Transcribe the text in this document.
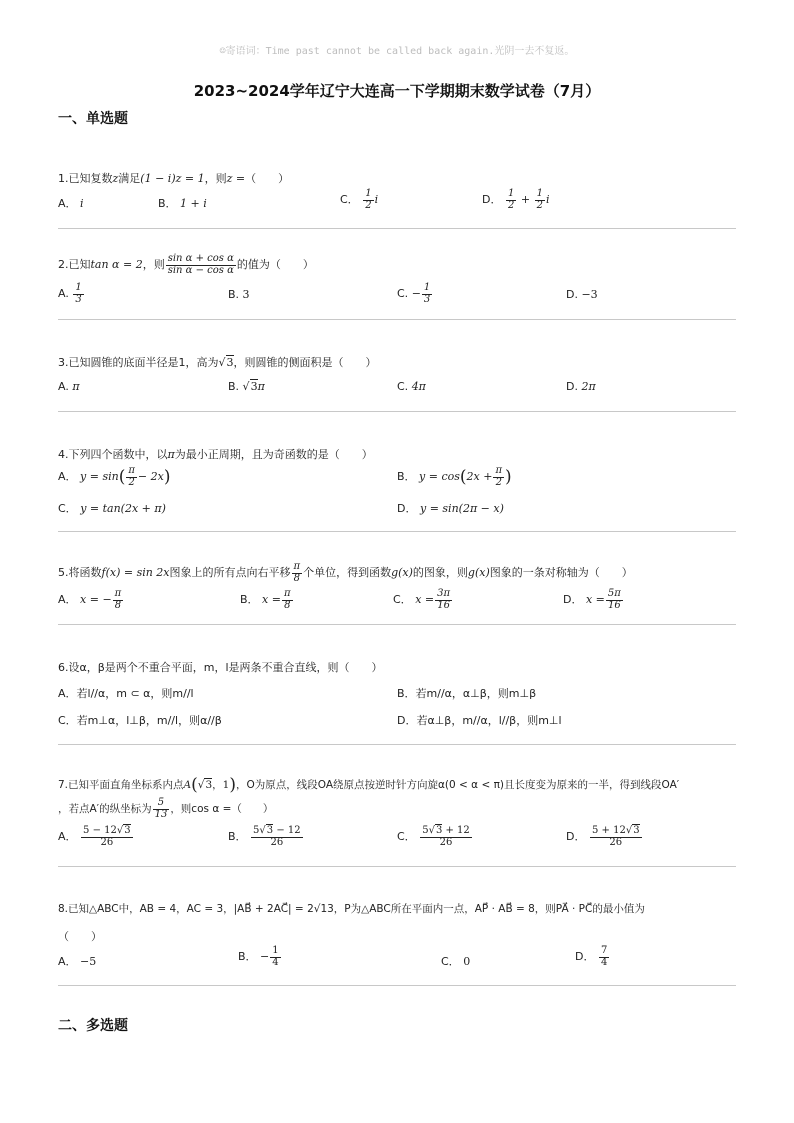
☺寄语词：Time past cannot be called back again.光阴一去不复返。
2023~2024学年辽宁大连高一下学期期末数学试卷（7月）
一、单选题
1.已知复数z满足(1 − i)z = 1，则z =（　　）
A． i	B． 1 + i	C． $\frac{1}{2}$ i	D． $\frac{1}{2} + \frac{1}{2}$ i
2.已知tan α = 2，则 $\frac{\text{sin α + cos α}}{\text{sin α − cos α}}$ 的值为（　　）
A. $\frac{1}{3}$	B. 3	C. − $\frac{1}{3}$	D. −3
3.已知圆锥的底面半径是1，高为√3，则圆锥的侧面积是（　　）
A. π	B. √3π	C. 4π	D. 2π
4.下列四个函数中，以π为最小正周期，且为奇函数的是（　　）
A． $y = \sin( \frac{\pi}{2} - 2x)$	B． $y = \cos(2x + \frac{\pi}{2}$ )
C． y = tan(2x + π)	D． y = sin(2π − x)
5.将函数f(x) = sin 2x图象上的所有点向右平移 $\frac{\pi}{8}$ 个单位，得到函数g(x)的图象，则g(x)图象的一条对称轴为（　　）
A． x = − $\frac{\pi}{8}$	B． $x = \frac{\pi}{8}$	C． $x = \frac{3\pi}{16}$	D． $x = \frac{5\pi}{16}$
6.设α，β是两个不重合平面，m，l是两条不重合直线，则（　　）
A．若l//α，m ⊂ α，则m//l	B．若m//α，α⊥β，则m⊥β
C．若m⊥α，l⊥β，m//l，则α//β	D．若α⊥β，m//α，l//β，则m⊥l
7.已知平面直角坐标系内点A(√3，1)，O为原点，线段OA绕原点按逆时针方向旋α(0 < α < π)且长度变为原来的一半，得到线段OA′
，若点A′的纵坐标为 $\frac{5}{13}$ ，则cos α =（　　）
A． $\frac{5 - 12√3}{26}$	B． $\frac{5√3 - 12}{26}$	C． $\frac{5√3 + 12}{26}$	D． $\frac{5 + 12√3}{26}$
8.已知△ABC中，AB = 4，AC = 3，|AB⃗ + 2AC⃗| = 2√13，P为△ABC所在平面内一点，AP⃗ · AB⃗ = 8，则PA⃗ · PC⃗的最小值为
（　　）
A． −5	B． − $\frac{1}{4}$	C． 0	D． $\frac{7}{4}$
二、多选题
